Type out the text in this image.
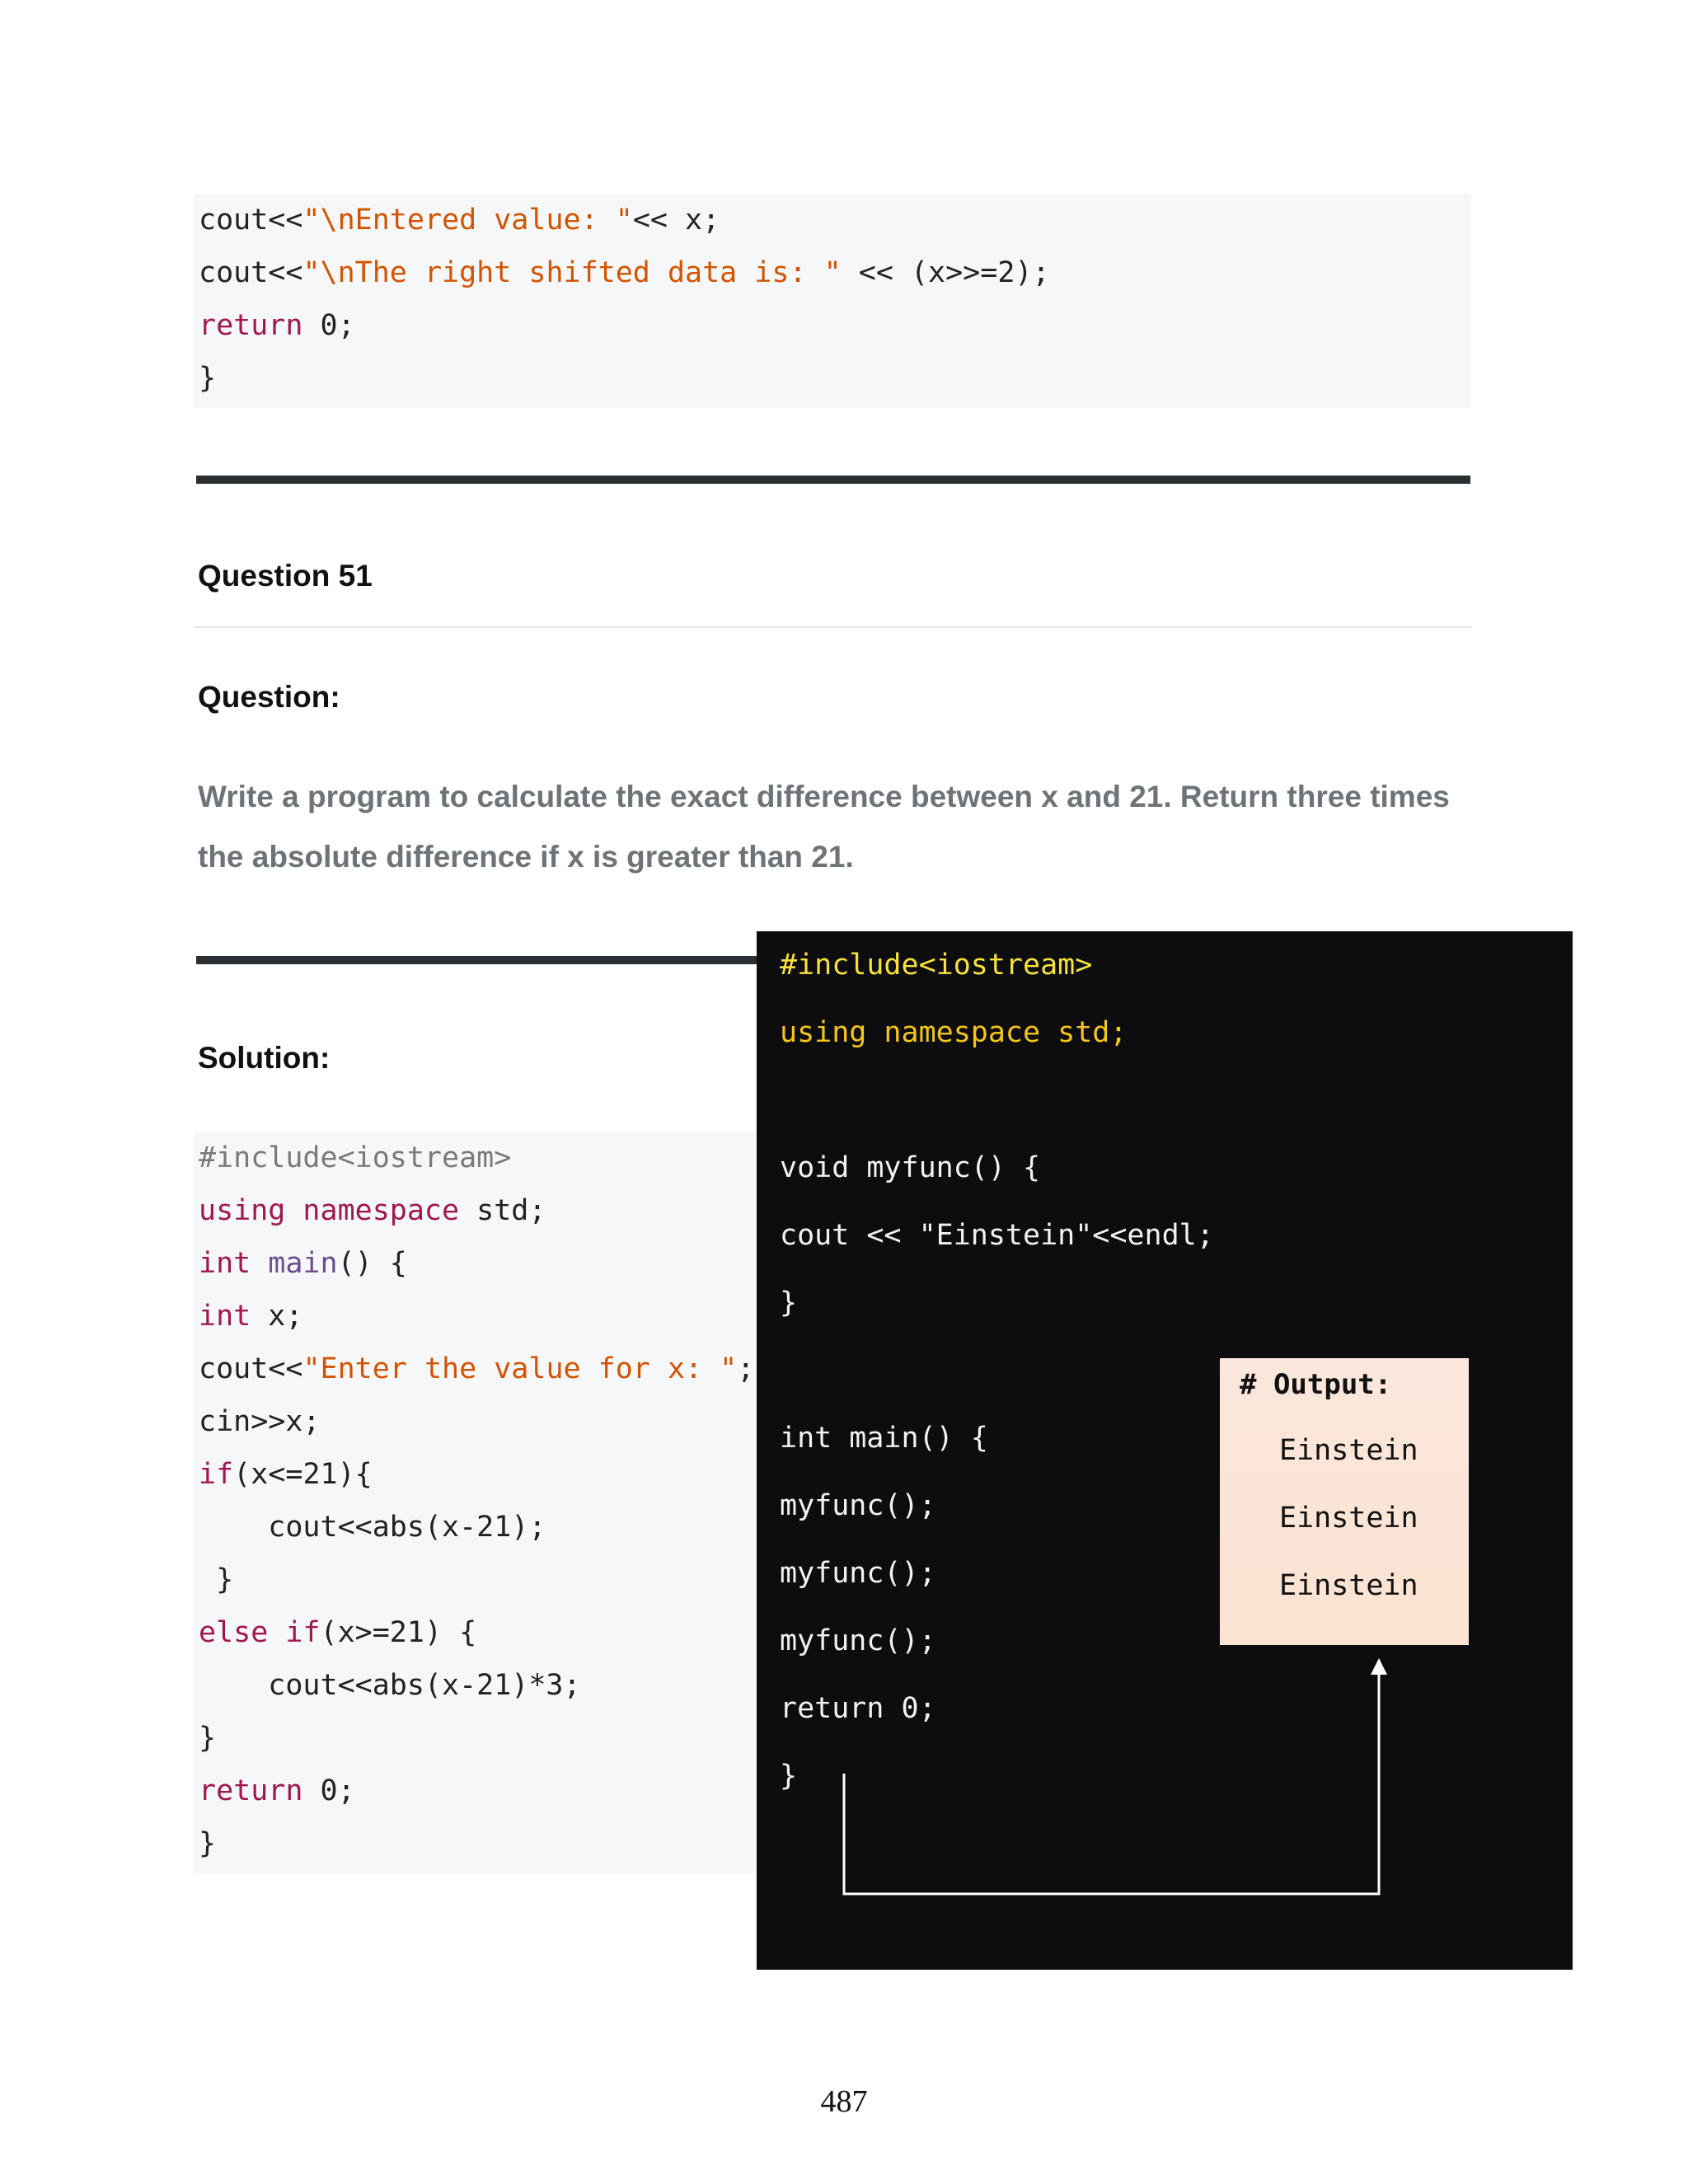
cout<<"\nEntered value: "<< x;
cout<<"\nThe right shifted data is: " << (x>>=2);
return 0;
}
Question 51
Question:
Write a program to calculate the exact difference between x and 21. Return three times the absolute difference if x is greater than 21.
Solution:
#include<iostream>
using namespace std;
int main() {
int x;
cout<<"Enter the value for x: ";
cin>>x;
if(x<=21){
cout<<abs(x-21);
}
else if(x>=21) {
cout<<abs(x-21)*3;
}
return 0;
}
#include<iostream>
using namespace std;
void myfunc() {
cout << "Einstein"<<endl;
}
int main() {
myfunc();
myfunc();
myfunc();
return 0;
}
# Output:
Einstein
Einstein
Einstein
487
